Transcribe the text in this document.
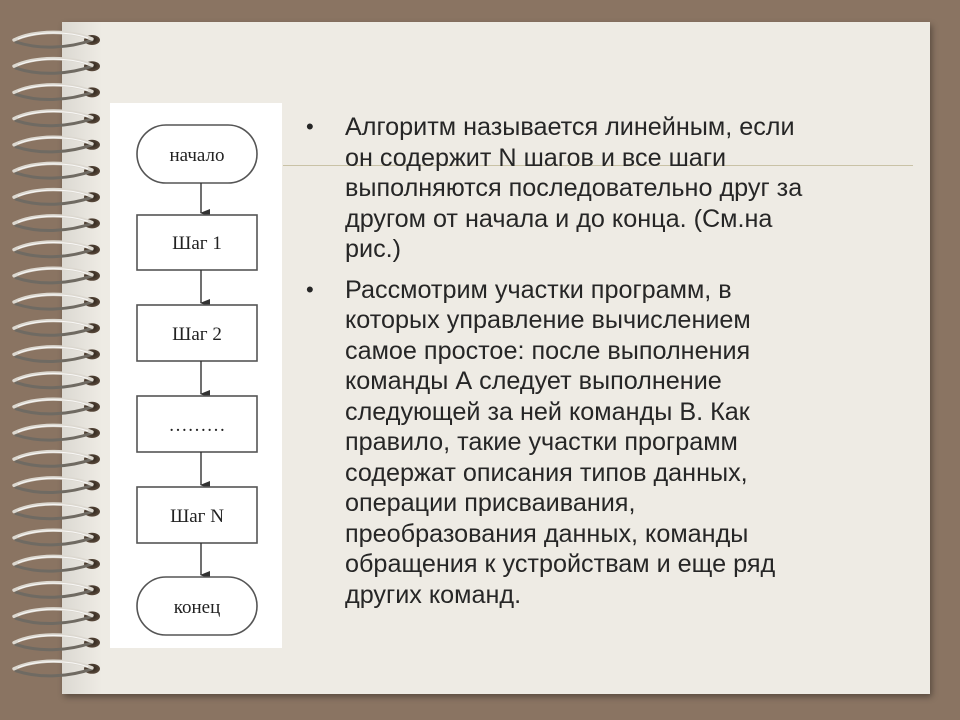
начало
Шаг 1
Шаг 2
………
Шаг N
конец
• Алгоритм называется линейным, если
он содержит N шагов и все шаги
выполняются последовательно друг за
другом от начала и до конца. (См.на
рис.)
• Рассмотрим участки программ, в
которых управление вычислением
самое простое: после выполнения
команды А следует выполнение
следующей за ней команды В. Как
правило, такие участки программ
содержат описания типов данных,
операции присваивания,
преобразования данных, команды
обращения к устройствам и еще ряд
других команд.
